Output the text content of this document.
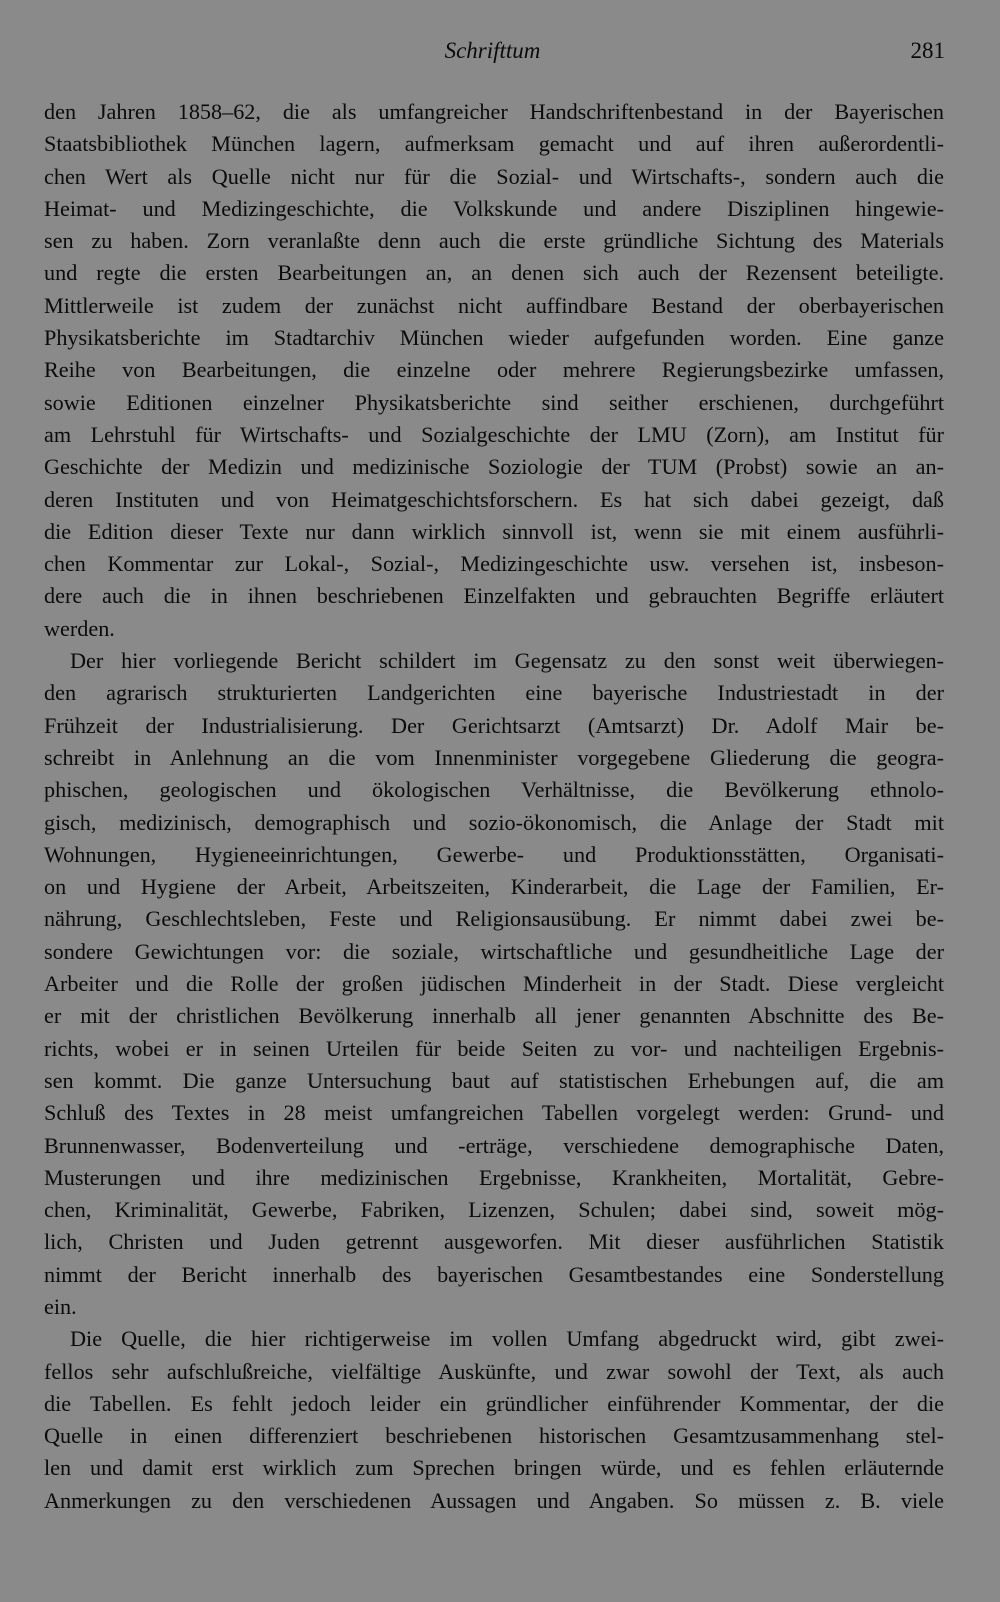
Schrifttum	281
den Jahren 1858–62, die als umfangreicher Handschriftenbestand in der Bayerischen
Staatsbibliothek München lagern, aufmerksam gemacht und auf ihren außerordentli-
chen Wert als Quelle nicht nur für die Sozial- und Wirtschafts-, sondern auch die
Heimat- und Medizingeschichte, die Volkskunde und andere Disziplinen hingewie-
sen zu haben. Zorn veranlaßte denn auch die erste gründliche Sichtung des Materials
und regte die ersten Bearbeitungen an, an denen sich auch der Rezensent beteiligte.
Mittlerweile ist zudem der zunächst nicht auffindbare Bestand der oberbayerischen
Physikatsberichte im Stadtarchiv München wieder aufgefunden worden. Eine ganze
Reihe von Bearbeitungen, die einzelne oder mehrere Regierungsbezirke umfassen,
sowie Editionen einzelner Physikatsberichte sind seither erschienen, durchgeführt
am Lehrstuhl für Wirtschafts- und Sozialgeschichte der LMU (Zorn), am Institut für
Geschichte der Medizin und medizinische Soziologie der TUM (Probst) sowie an an-
deren Instituten und von Heimatgeschichtsforschern. Es hat sich dabei gezeigt, daß
die Edition dieser Texte nur dann wirklich sinnvoll ist, wenn sie mit einem ausführli-
chen Kommentar zur Lokal-, Sozial-, Medizingeschichte usw. versehen ist, insbeson-
dere auch die in ihnen beschriebenen Einzelfakten und gebrauchten Begriffe erläutert
werden.
Der hier vorliegende Bericht schildert im Gegensatz zu den sonst weit überwiegen-
den agrarisch strukturierten Landgerichten eine bayerische Industriestadt in der
Frühzeit der Industrialisierung. Der Gerichtsarzt (Amtsarzt) Dr. Adolf Mair be-
schreibt in Anlehnung an die vom Innenminister vorgegebene Gliederung die geogra-
phischen, geologischen und ökologischen Verhältnisse, die Bevölkerung ethnolo-
gisch, medizinisch, demographisch und sozio-ökonomisch, die Anlage der Stadt mit
Wohnungen, Hygieneeinrichtungen, Gewerbe- und Produktionsstätten, Organisati-
on und Hygiene der Arbeit, Arbeitszeiten, Kinderarbeit, die Lage der Familien, Er-
nährung, Geschlechtsleben, Feste und Religionsausübung. Er nimmt dabei zwei be-
sondere Gewichtungen vor: die soziale, wirtschaftliche und gesundheitliche Lage der
Arbeiter und die Rolle der großen jüdischen Minderheit in der Stadt. Diese vergleicht
er mit der christlichen Bevölkerung innerhalb all jener genannten Abschnitte des Be-
richts, wobei er in seinen Urteilen für beide Seiten zu vor- und nachteiligen Ergebnis-
sen kommt. Die ganze Untersuchung baut auf statistischen Erhebungen auf, die am
Schluß des Textes in 28 meist umfangreichen Tabellen vorgelegt werden: Grund- und
Brunnenwasser, Bodenverteilung und -erträge, verschiedene demographische Daten,
Musterungen und ihre medizinischen Ergebnisse, Krankheiten, Mortalität, Gebre-
chen, Kriminalität, Gewerbe, Fabriken, Lizenzen, Schulen; dabei sind, soweit mög-
lich, Christen und Juden getrennt ausgeworfen. Mit dieser ausführlichen Statistik
nimmt der Bericht innerhalb des bayerischen Gesamtbestandes eine Sonderstellung
ein.
Die Quelle, die hier richtigerweise im vollen Umfang abgedruckt wird, gibt zwei-
fellos sehr aufschlußreiche, vielfältige Auskünfte, und zwar sowohl der Text, als auch
die Tabellen. Es fehlt jedoch leider ein gründlicher einführender Kommentar, der die
Quelle in einen differenziert beschriebenen historischen Gesamtzusammenhang stel-
len und damit erst wirklich zum Sprechen bringen würde, und es fehlen erläuternde
Anmerkungen zu den verschiedenen Aussagen und Angaben. So müssen z. B. viele
